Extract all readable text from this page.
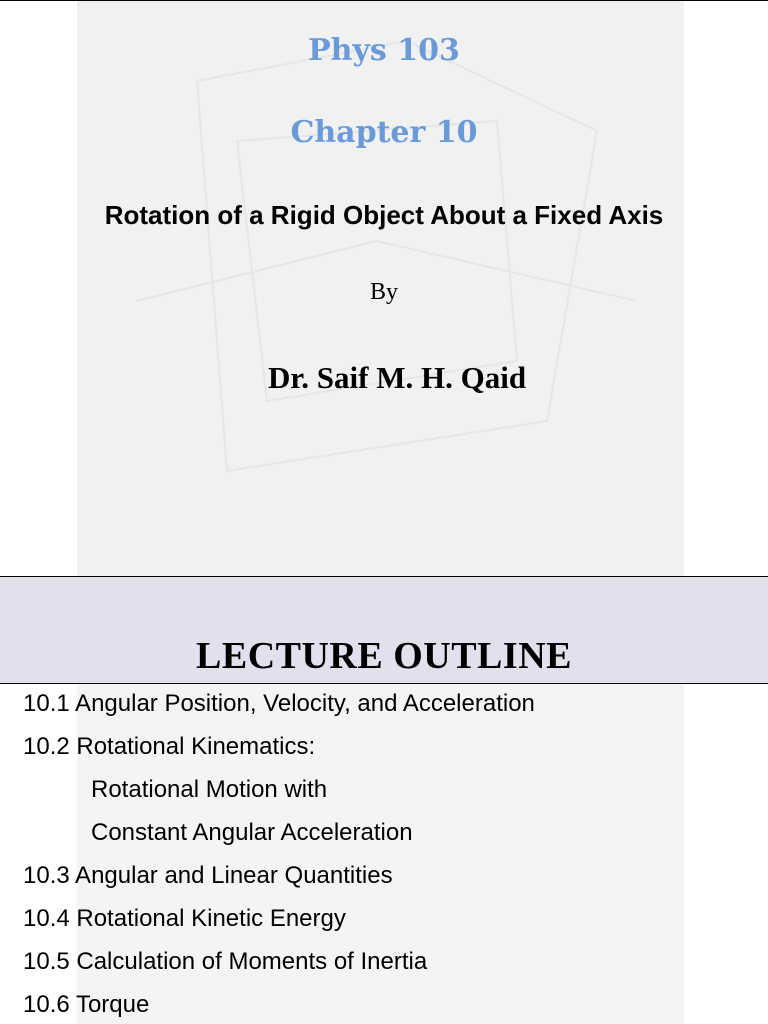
Phys 103
Chapter 10
Rotation of a Rigid Object About a Fixed Axis
By
Dr. Saif M. H. Qaid
LECTURE OUTLINE
10.1 Angular Position, Velocity, and Acceleration
10.2 Rotational Kinematics:
Rotational Motion with
Constant Angular Acceleration
10.3 Angular and Linear Quantities
10.4 Rotational Kinetic Energy
10.5 Calculation of Moments of Inertia
10.6 Torque
